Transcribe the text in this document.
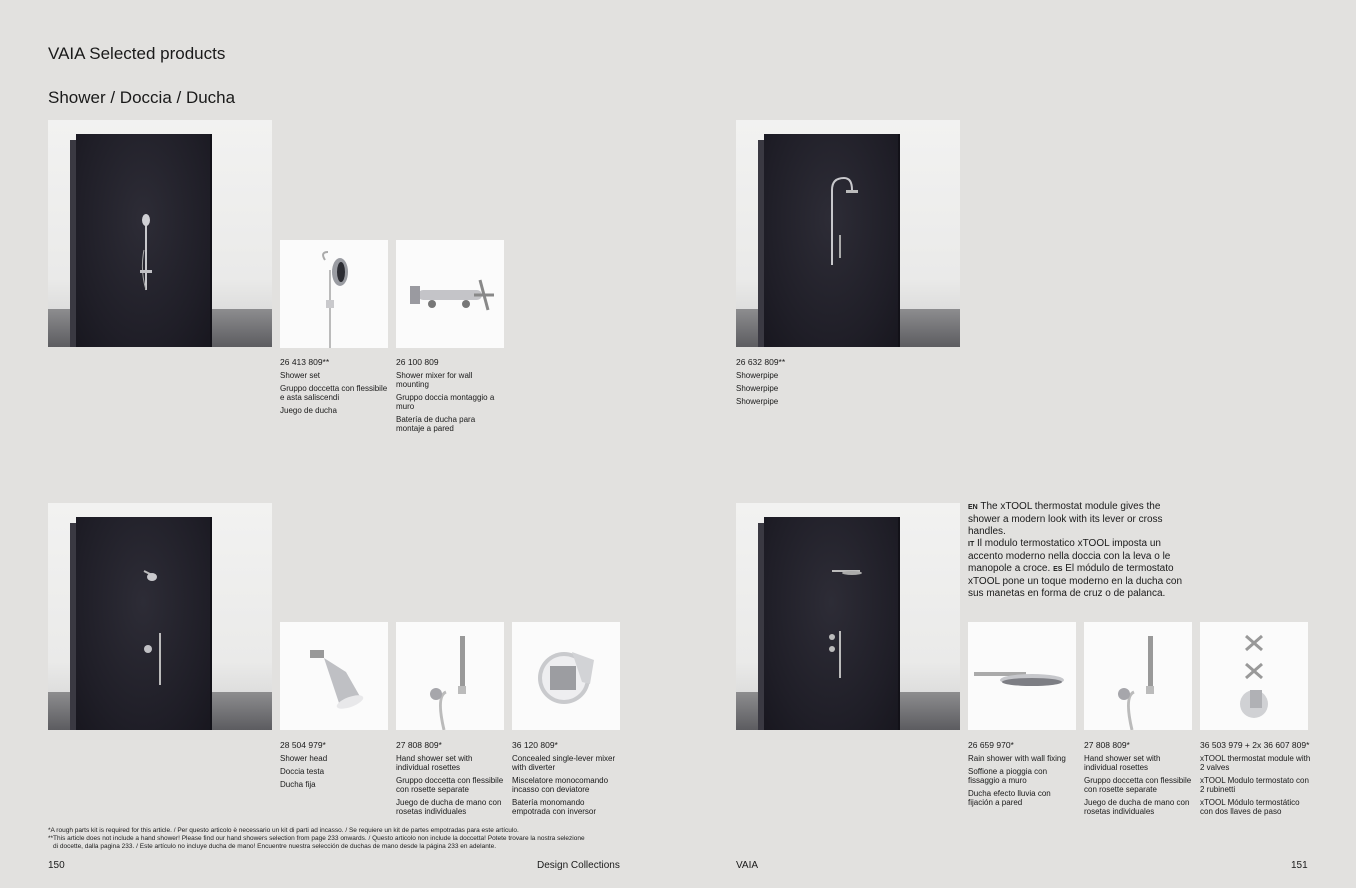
VAIA Selected products
Shower / Doccia / Ducha
26 413 809**
Shower set
Gruppo doccetta con flessibile e asta saliscendi
Juego de ducha
26 100 809
Shower mixer for wall mounting
Gruppo doccia montaggio a muro
Batería de ducha para montaje a pared
26 632 809**
Showerpipe
Showerpipe
Showerpipe
28 504 979*
Shower head
Doccia testa
Ducha fija
27 808 809*
Hand shower set with individual rosettes
Gruppo doccetta con flessibile con rosette separate
Juego de ducha de mano con rosetas individuales
36 120 809*
Concealed single-lever mixer with diverter
Miscelatore monocomando incasso con deviatore
Batería monomando empotrada con inversor
EN The xTOOL thermostat module gives the shower a modern look with its lever or cross handles.
IT Il modulo termostatico xTOOL imposta un accento moderno nella doccia con la leva o le manopole a croce. ES El módulo de termostato xTOOL pone un toque moderno en la ducha con sus manetas en forma de cruz o de palanca.
26 659 970*
Rain shower with wall fixing
Soffione a pioggia con fissaggio a muro
Ducha efecto lluvia con fijación a pared
27 808 809*
Hand shower set with individual rosettes
Gruppo doccetta con flessibile con rosette separate
Juego de ducha de mano con rosetas individuales
36 503 979 + 2x 36 607 809*
xTOOL thermostat module with 2 valves
xTOOL Modulo termostato con 2 rubinetti
xTOOL Módulo termostático con dos llaves de paso
*A rough parts kit is required for this article. / Per questo articolo è necessario un kit di parti ad incasso. / Se requiere un kit de partes empotradas para este artículo.
**This article does not include a hand shower! Please find our hand showers selection from page 233 onwards. / Questo articolo non include la doccetta! Potete trovare la nostra selezione
di docette, dalla pagina 233. / Este artículo no incluye ducha de mano! Encuentre nuestra selección de duchas de mano desde la página 233 en adelante.
150	Design Collections	VAIA	151
